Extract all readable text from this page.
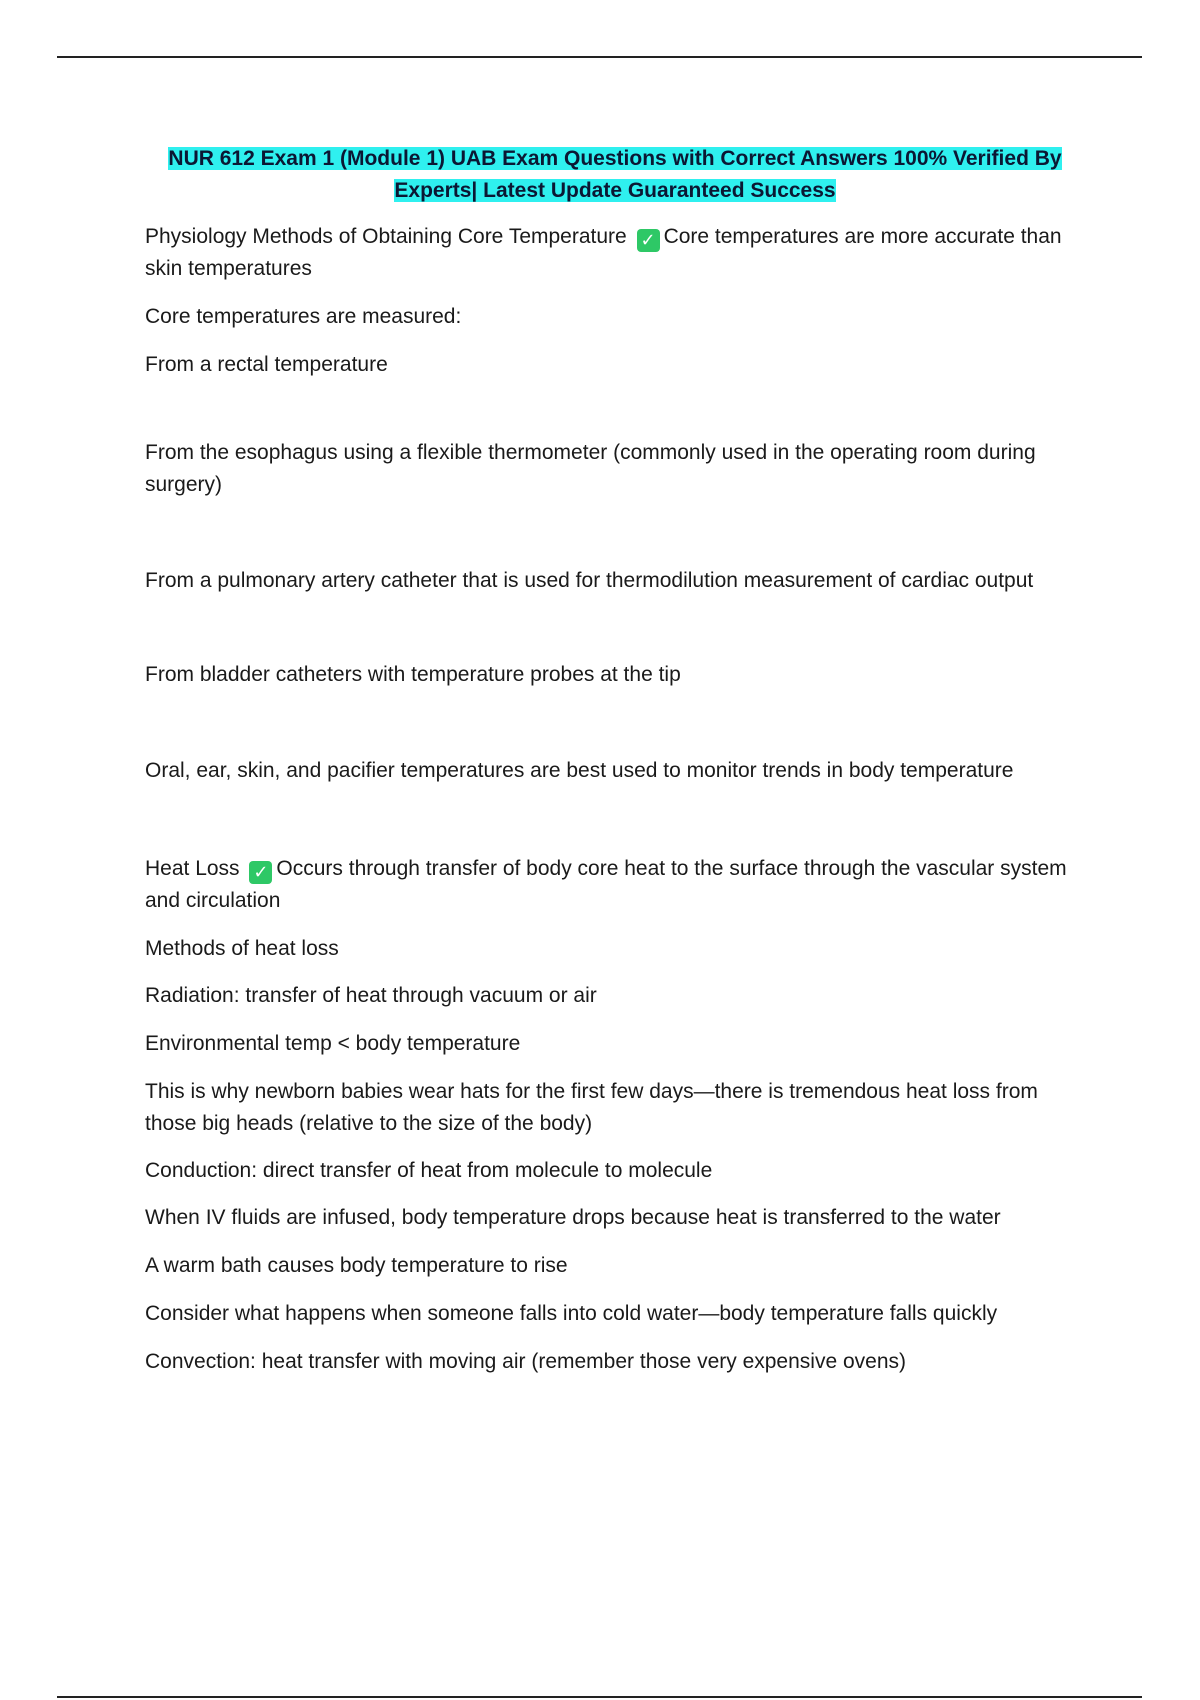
NUR 612 Exam 1 (Module 1) UAB Exam Questions with Correct Answers 100% Verified By
Experts| Latest Update Guaranteed Success

Physiology Methods of Obtaining Core Temperature ✓ Core temperatures are more accurate than skin temperatures

Core temperatures are measured:

From a rectal temperature

From the esophagus using a flexible thermometer (commonly used in the operating room during surgery)

From a pulmonary artery catheter that is used for thermodilution measurement of cardiac output

From bladder catheters with temperature probes at the tip

Oral, ear, skin, and pacifier temperatures are best used to monitor trends in body temperature

Heat Loss ✓ Occurs through transfer of body core heat to the surface through the vascular system and circulation

Methods of heat loss

Radiation: transfer of heat through vacuum or air

Environmental temp < body temperature

This is why newborn babies wear hats for the first few days—there is tremendous heat loss from those big heads (relative to the size of the body)

Conduction: direct transfer of heat from molecule to molecule

When IV fluids are infused, body temperature drops because heat is transferred to the water

A warm bath causes body temperature to rise

Consider what happens when someone falls into cold water—body temperature falls quickly

Convection: heat transfer with moving air (remember those very expensive ovens)
